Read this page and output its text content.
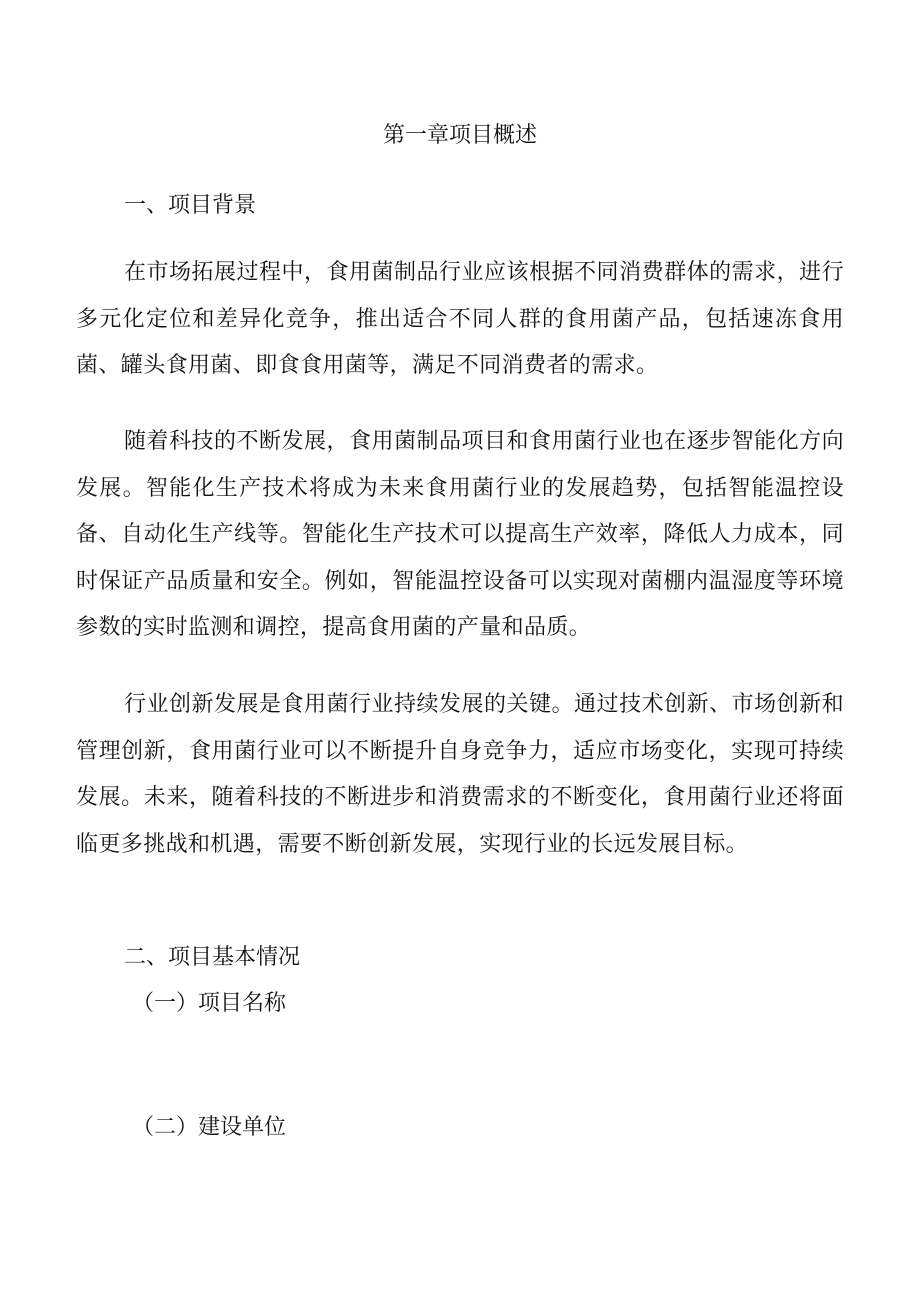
第一章项目概述
一、项目背景
在市场拓展过程中，食用菌制品行业应该根据不同消费群体的需求，进行多元化定位和差异化竞争，推出适合不同人群的食用菌产品，包括速冻食用菌、罐头食用菌、即食食用菌等，满足不同消费者的需求。
随着科技的不断发展，食用菌制品项目和食用菌行业也在逐步智能化方向发展。智能化生产技术将成为未来食用菌行业的发展趋势，包括智能温控设备、自动化生产线等。智能化生产技术可以提高生产效率，降低人力成本，同时保证产品质量和安全。例如，智能温控设备可以实现对菌棚内温湿度等环境参数的实时监测和调控，提高食用菌的产量和品质。
行业创新发展是食用菌行业持续发展的关键。通过技术创新、市场创新和管理创新，食用菌行业可以不断提升自身竞争力，适应市场变化，实现可持续发展。未来，随着科技的不断进步和消费需求的不断变化，食用菌行业还将面临更多挑战和机遇，需要不断创新发展，实现行业的长远发展目标。
二、项目基本情况
（一）项目名称
（二）建设单位
